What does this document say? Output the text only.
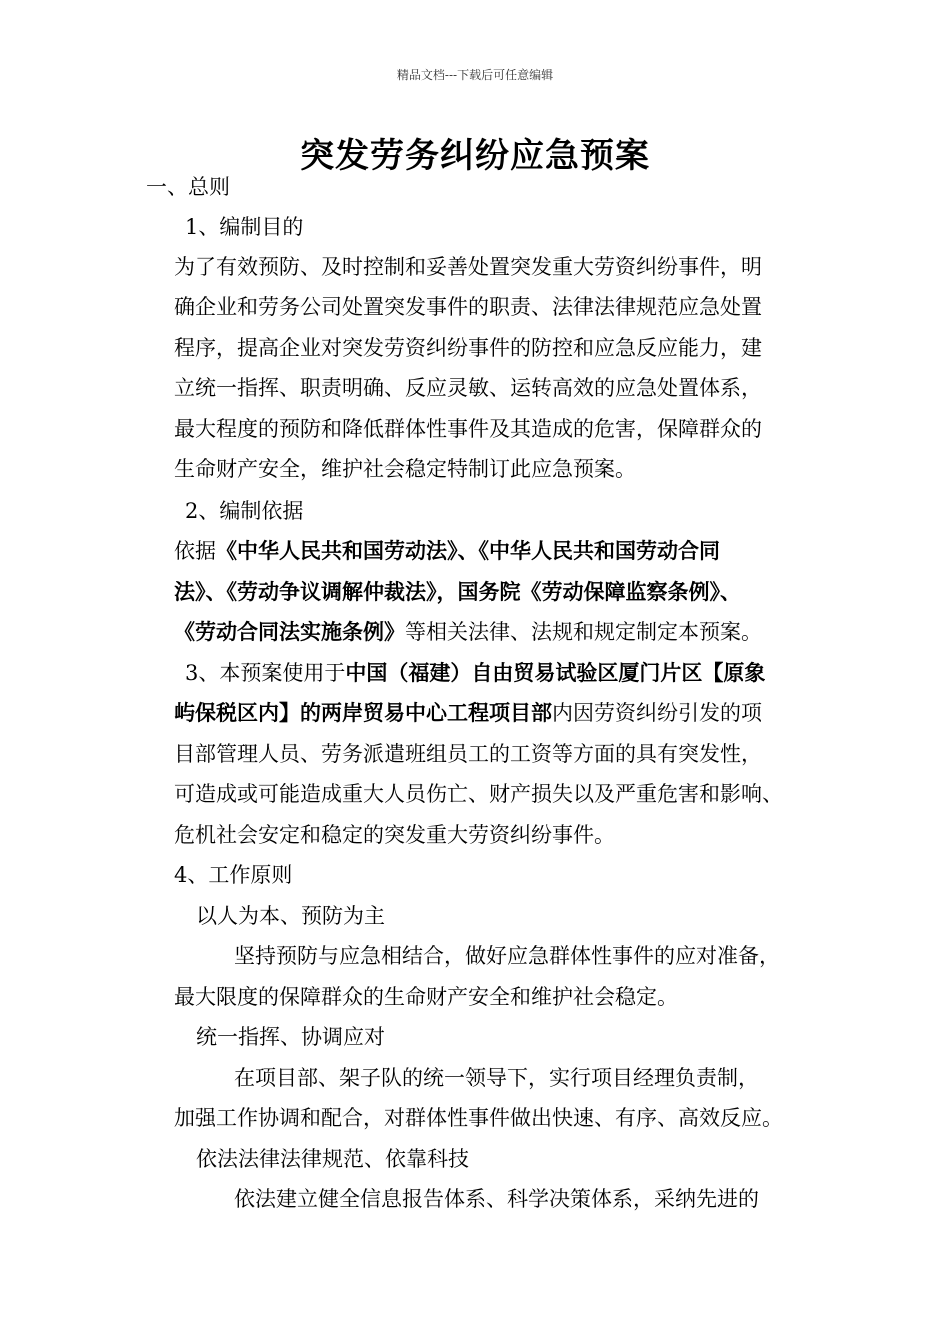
精品文档---下载后可任意编辑
突发劳务纠纷应急预案
一、总则
1、编制目的
为了有效预防、及时控制和妥善处置突发重大劳资纠纷事件，明
确企业和劳务公司处置突发事件的职责、法律法律规范应急处置
程序，提高企业对突发劳资纠纷事件的防控和应急反应能力，建
立统一指挥、职责明确、反应灵敏、运转高效的应急处置体系，
最大程度的预防和降低群体性事件及其造成的危害，保障群众的
生命财产安全，维护社会稳定特制订此应急预案。
2、编制依据
依据《中华人民共和国劳动法》、《中华人民共和国劳动合同
法》、《劳动争议调解仲裁法》，国务院《劳动保障监察条例》、
《劳动合同法实施条例》等相关法律、法规和规定制定本预案。
3、本预案使用于中国（福建）自由贸易试验区厦门片区【原象
屿保税区内】的两岸贸易中心工程项目部内因劳资纠纷引发的项
目部管理人员、劳务派遣班组员工的工资等方面的具有突发性，
可造成或可能造成重大人员伤亡、财产损失以及严重危害和影响、
危机社会安定和稳定的突发重大劳资纠纷事件。
4、工作原则
以人为本、预防为主
坚持预防与应急相结合，做好应急群体性事件的应对准备，
最大限度的保障群众的生命财产安全和维护社会稳定。
统一指挥、协调应对
在项目部、架子队的统一领导下，实行项目经理负责制，
加强工作协调和配合，对群体性事件做出快速、有序、高效反应。
依法法律法律规范、依靠科技
依法建立健全信息报告体系、科学决策体系，采纳先进的
